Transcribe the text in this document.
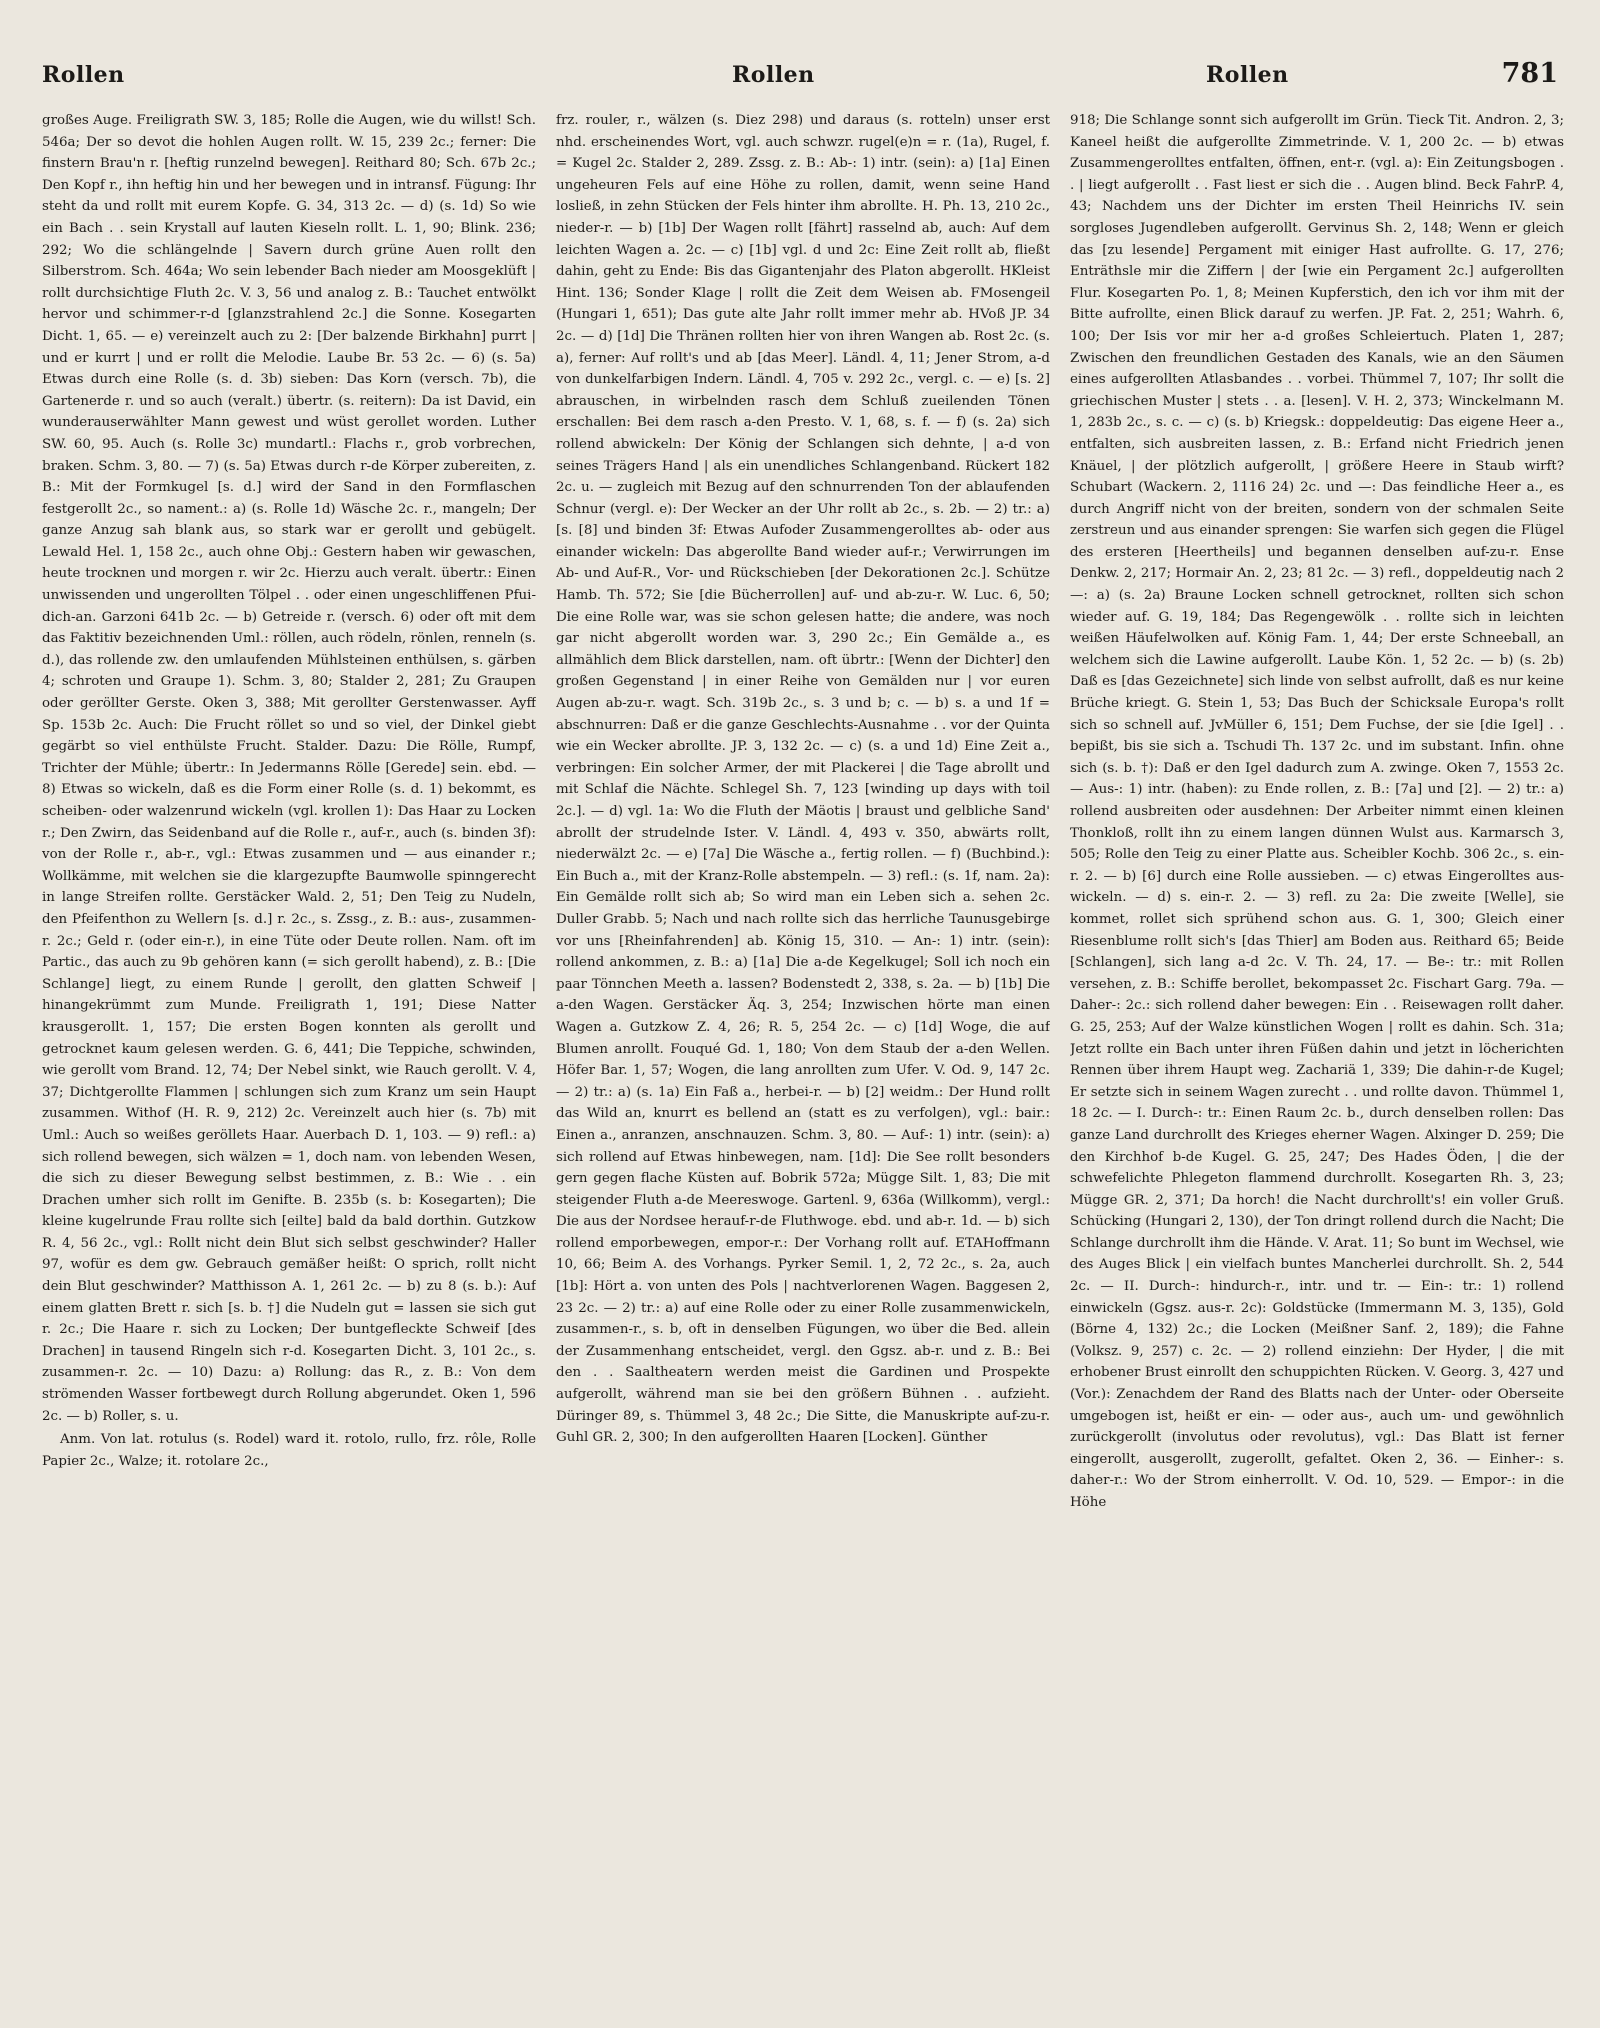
Rollen	Rollen	Rollen	781

großes Auge. Freiligrath SW. 3, 185; Rolle die Augen, wie du willst! Sch. 546a; Der so devot die hohlen Augen rollt. W. 15, 239 2c.; ferner: Die finstern Brau'n r. [heftig runzelnd bewegen]. Reithard 80; Sch. 67b 2c.; Den Kopf r., ihn heftig hin und her bewegen und in intransf. Fügung: Ihr steht da und rollt mit eurem Kopfe. G. 34, 313 2c. — d) (s. 1d) So wie ein Bach . . sein Krystall auf lauten Kieseln rollt. L. 1, 90; Blink. 236; 292; Wo die schlängelnde | Savern durch grüne Auen rollt den Silberstrom. Sch. 464a; Wo sein lebender Bach nieder am Moosgeklüft | rollt durchsichtige Fluth 2c. V. 3, 56 und analog z. B.: Tauchet entwölkt hervor und schimmer-r-d [glanzstrahlend 2c.] die Sonne. Kosegarten Dicht. 1, 65. — e) vereinzelt auch zu 2: [Der balzende Birkhahn] purrt | und er kurrt | und er rollt die Melodie. Laube Br. 53 2c. — 6) (s. 5a) Etwas durch eine Rolle (s. d. 3b) sieben: Das Korn (versch. 7b), die Gartenerde r. und so auch (veralt.) übertr. (s. reitern): Da ist David, ein wunderauserwählter Mann gewest und wüst gerollet worden. Luther SW. 60, 95. Auch (s. Rolle 3c) mundartl.: Flachs r., grob vorbrechen, braken. Schm. 3, 80. — 7) (s. 5a) Etwas durch r-de Körper zubereiten, z. B.: Mit der Formkugel [s. d.] wird der Sand in den Formflaschen festgerollt 2c., so nament.: a) (s. Rolle 1d) Wäsche 2c. r., mangeln; Der ganze Anzug sah blank aus, so stark war er gerollt und gebügelt. Lewald Hel. 1, 158 2c., auch ohne Obj.: Gestern haben wir gewaschen, heute trocknen und morgen r. wir 2c. Hierzu auch veralt. übertr.: Einen unwissenden und ungerollten Tölpel . . oder einen ungeschliffenen Pfui-dich-an. Garzoni 641b 2c. — b) Getreide r. (versch. 6) oder oft mit dem das Faktitiv bezeichnenden Uml.: röllen, auch rödeln, rönlen, renneln (s. d.), das rollende zw. den umlaufenden Mühlsteinen enthülsen, s. gärben 4; schroten und Graupe 1). Schm. 3, 80; Stalder 2, 281; Zu Graupen oder geröllter Gerste. Oken 3, 388; Mit gerollter Gerstenwasser. Ayff Sp. 153b 2c. Auch: Die Frucht röllet so und so viel, der Dinkel giebt gegärbt so viel enthülste Frucht. Stalder. Dazu: Die Rölle, Rumpf, Trichter der Mühle; übertr.: In Jedermanns Rölle [Gerede] sein. ebd. — 8) Etwas so wickeln, daß es die Form einer Rolle (s. d. 1) bekommt, es scheiben- oder walzenrund wickeln (vgl. krollen 1): Das Haar zu Locken r.; Den Zwirn, das Seidenband auf die Rolle r., auf-r., auch (s. binden 3f): von der Rolle r., ab-r., vgl.: Etwas zusammen und — aus einander r.; Wollkämme, mit welchen sie die klargezupfte Baumwolle spinngerecht in lange Streifen rollte. Gerstäcker Wald. 2, 51; Den Teig zu Nudeln, den Pfeifenthon zu Wellern [s. d.] r. 2c., s. Zssg., z. B.: aus-, zusammen-r. 2c.; Geld r. (oder ein-r.), in eine Tüte oder Deute rollen. Nam. oft im Partic., das auch zu 9b gehören kann (= sich gerollt habend), z. B.: [Die Schlange] liegt, zu einem Runde | gerollt, den glatten Schweif | hinangekrümmt zum Munde. Freiligrath 1, 191; Diese Natter krausgerollt. 1, 157; Die ersten Bogen konnten als gerollt und getrocknet kaum gelesen werden. G. 6, 441; Die Teppiche, schwinden, wie gerollt vom Brand. 12, 74; Der Nebel sinkt, wie Rauch gerollt. V. 4, 37; Dichtgerollte Flammen | schlungen sich zum Kranz um sein Haupt zusammen. Withof (H. R. 9, 212) 2c. Vereinzelt auch hier (s. 7b) mit Uml.: Auch so weißes geröllets Haar. Auerbach D. 1, 103. — 9) refl.: a) sich rollend bewegen, sich wälzen = 1, doch nam. von lebenden Wesen, die sich zu dieser Bewegung selbst bestimmen, z. B.: Wie . . ein Drachen umher sich rollt im Genifte. B. 235b (s. b: Kosegarten); Die kleine kugelrunde Frau rollte sich [eilte] bald da bald dorthin. Gutzkow R. 4, 56 2c., vgl.: Rollt nicht dein Blut sich selbst geschwinder? Haller 97, wofür es dem gw. Gebrauch gemäßer heißt: O sprich, rollt nicht dein Blut geschwinder? Matthisson A. 1, 261 2c. — b) zu 8 (s. b.): Auf einem glatten Brett r. sich [s. b. †] die Nudeln gut = lassen sie sich gut r. 2c.; Die Haare r. sich zu Locken; Der buntgefleckte Schweif [des Drachen] in tausend Ringeln sich r-d. Kosegarten Dicht. 3, 101 2c., s. zusammen-r. 2c. — 10) Dazu: a) Rollung: das R., z. B.: Von dem strömenden Wasser fortbewegt durch Rollung abgerundet. Oken 1, 596 2c. — b) Roller, s. u.

Anm. Von lat. rotulus (s. Rodel) ward it. rotolo, rullo, frz. rôle, Rolle Papier 2c., Walze; it. rotolare 2c.,

frz. rouler, r., wälzen (s. Diez 298) und daraus (s. rotteln) unser erst nhd. erscheinendes Wort, vgl. auch schwzr. rugel(e)n = r. (1a), Rugel, f. = Kugel 2c. Stalder 2, 289. Zssg. z. B.: Ab-: 1) intr. (sein): a) [1a] Einen ungeheuren Fels auf eine Höhe zu rollen, damit, wenn seine Hand losließ, in zehn Stücken der Fels hinter ihm abrollte. H. Ph. 13, 210 2c., nieder-r. — b) [1b] Der Wagen rollt [fährt] rasselnd ab, auch: Auf dem leichten Wagen a. 2c. — c) [1b] vgl. d und 2c: Eine Zeit rollt ab, fließt dahin, geht zu Ende: Bis das Gigantenjahr des Platon abgerollt. HKleist Hint. 136; Sonder Klage | rollt die Zeit dem Weisen ab. FMosengeil (Hungari 1, 651); Das gute alte Jahr rollt immer mehr ab. HVoß JP. 34 2c. — d) [1d] Die Thränen rollten hier von ihren Wangen ab. Rost 2c. (s. a), ferner: Auf rollt's und ab [das Meer]. Ländl. 4, 11; Jener Strom, a-d von dunkelfarbigen Indern. Ländl. 4, 705 v. 292 2c., vergl. c. — e) [s. 2] abrauschen, in wirbelnden rasch dem Schluß zueilenden Tönen erschallen: Bei dem rasch a-den Presto. V. 1, 68, s. f. — f) (s. 2a) sich rollend abwickeln: Der König der Schlangen sich dehnte, | a-d von seines Trägers Hand | als ein unendliches Schlangenband. Rückert 182 2c. u. — zugleich mit Bezug auf den schnurrenden Ton der ablaufenden Schnur (vergl. e): Der Wecker an der Uhr rollt ab 2c., s. 2b. — 2) tr.: a) [s. [8] und binden 3f: Etwas Aufoder Zusammengerolltes ab- oder aus einander wickeln: Das abgerollte Band wieder auf-r.; Verwirrungen im Ab- und Auf-R., Vor- und Rückschieben [der Dekorationen 2c.]. Schütze Hamb. Th. 572; Sie [die Bücherrollen] auf- und ab-zu-r. W. Luc. 6, 50; Die eine Rolle war, was sie schon gelesen hatte; die andere, was noch gar nicht abgerollt worden war. 3, 290 2c.; Ein Gemälde a., es allmählich dem Blick darstellen, nam. oft übrtr.: [Wenn der Dichter] den großen Gegenstand | in einer Reihe von Gemälden nur | vor euren Augen ab-zu-r. wagt. Sch. 319b 2c., s. 3 und b; c. — b) s. a und 1f = abschnurren: Daß er die ganze Geschlechts-Ausnahme . . vor der Quinta wie ein Wecker abrollte. JP. 3, 132 2c. — c) (s. a und 1d) Eine Zeit a., verbringen: Ein solcher Armer, der mit Plackerei | die Tage abrollt und mit Schlaf die Nächte. Schlegel Sh. 7, 123 [winding up days with toil 2c.]. — d) vgl. 1a: Wo die Fluth der Mäotis | braust und gelbliche Sand' abrollt der strudelnde Ister. V. Ländl. 4, 493 v. 350, abwärts rollt, niederwälzt 2c. — e) [7a] Die Wäsche a., fertig rollen. — f) (Buchbind.): Ein Buch a., mit der Kranz-Rolle abstempeln. — 3) refl.: (s. 1f, nam. 2a): Ein Gemälde rollt sich ab; So wird man ein Leben sich a. sehen 2c. Duller Grabb. 5; Nach und nach rollte sich das herrliche Taunusgebirge vor uns [Rheinfahrenden] ab. König 15, 310. — An-: 1) intr. (sein): rollend ankommen, z. B.: a) [1a] Die a-de Kegelkugel; Soll ich noch ein paar Tönnchen Meeth a. lassen? Bodenstedt 2, 338, s. 2a. — b) [1b] Die a-den Wagen. Gerstäcker Äq. 3, 254; Inzwischen hörte man einen Wagen a. Gutzkow Z. 4, 26; R. 5, 254 2c. — c) [1d] Woge, die auf Blumen anrollt. Fouqué Gd. 1, 180; Von dem Staub der a-den Wellen. Höfer Bar. 1, 57; Wogen, die lang anrollten zum Ufer. V. Od. 9, 147 2c. — 2) tr.: a) (s. 1a) Ein Faß a., herbei-r. — b) [2] weidm.: Der Hund rollt das Wild an, knurrt es bellend an (statt es zu verfolgen), vgl.: bair.: Einen a., anranzen, anschnauzen. Schm. 3, 80. — Auf-: 1) intr. (sein): a) sich rollend auf Etwas hinbewegen, nam. [1d]: Die See rollt besonders gern gegen flache Küsten auf. Bobrik 572a; Mügge Silt. 1, 83; Die mit steigender Fluth a-de Meereswoge. Gartenl. 9, 636a (Willkomm), vergl.: Die aus der Nordsee herauf-r-de Fluthwoge. ebd. und ab-r. 1d. — b) sich rollend emporbewegen, empor-r.: Der Vorhang rollt auf. ETAHoffmann 10, 66; Beim A. des Vorhangs. Pyrker Semil. 1, 2, 72 2c., s. 2a, auch [1b]: Hört a. von unten des Pols | nachtverlorenen Wagen. Baggesen 2, 23 2c. — 2) tr.: a) auf eine Rolle oder zu einer Rolle zusammenwickeln, zusammen-r., s. b, oft in denselben Fügungen, wo über die Bed. allein der Zusammenhang entscheidet, vergl. den Ggsz. ab-r. und z. B.: Bei den . . Saaltheatern werden meist die Gardinen und Prospekte aufgerollt, während man sie bei den größern Bühnen . . aufzieht. Düringer 89, s. Thümmel 3, 48 2c.; Die Sitte, die Manuskripte auf-zu-r. Guhl GR. 2, 300; In den aufgerollten Haaren [Locken]. Günther

918; Die Schlange sonnt sich aufgerollt im Grün. Tieck Tit. Andron. 2, 3; Kaneel heißt die aufgerollte Zimmetrinde. V. 1, 200 2c. — b) etwas Zusammengerolltes entfalten, öffnen, ent-r. (vgl. a): Ein Zeitungsbogen . . | liegt aufgerollt . . Fast liest er sich die . . Augen blind. Beck FahrP. 4, 43; Nachdem uns der Dichter im ersten Theil Heinrichs IV. sein sorgloses Jugendleben aufgerollt. Gervinus Sh. 2, 148; Wenn er gleich das [zu lesende] Pergament mit einiger Hast aufrollte. G. 17, 276; Enträthsle mir die Ziffern | der [wie ein Pergament 2c.] aufgerollten Flur. Kosegarten Po. 1, 8; Meinen Kupferstich, den ich vor ihm mit der Bitte aufrollte, einen Blick darauf zu werfen. JP. Fat. 2, 251; Wahrh. 6, 100; Der Isis vor mir her a-d großes Schleiertuch. Platen 1, 287; Zwischen den freundlichen Gestaden des Kanals, wie an den Säumen eines aufgerollten Atlasbandes . . vorbei. Thümmel 7, 107; Ihr sollt die griechischen Muster | stets . . a. [lesen]. V. H. 2, 373; Winckelmann M. 1, 283b 2c., s. c. — c) (s. b) Kriegsk.: doppeldeutig: Das eigene Heer a., entfalten, sich ausbreiten lassen, z. B.: Erfand nicht Friedrich jenen Knäuel, | der plötzlich aufgerollt, | größere Heere in Staub wirft? Schubart (Wackern. 2, 1116 24) 2c. und —: Das feindliche Heer a., es durch Angriff nicht von der breiten, sondern von der schmalen Seite zerstreun und aus einander sprengen: Sie warfen sich gegen die Flügel des ersteren [Heertheils] und begannen denselben auf-zu-r. Ense Denkw. 2, 217; Hormair An. 2, 23; 81 2c. — 3) refl., doppeldeutig nach 2 —: a) (s. 2a) Braune Locken schnell getrocknet, rollten sich schon wieder auf. G. 19, 184; Das Regengewölk . . rollte sich in leichten weißen Häufelwolken auf. König Fam. 1, 44; Der erste Schneeball, an welchem sich die Lawine aufgerollt. Laube Kön. 1, 52 2c. — b) (s. 2b) Daß es [das Gezeichnete] sich linde von selbst aufrollt, daß es nur keine Brüche kriegt. G. Stein 1, 53; Das Buch der Schicksale Europa's rollt sich so schnell auf. JvMüller 6, 151; Dem Fuchse, der sie [die Igel] . . bepißt, bis sie sich a. Tschudi Th. 137 2c. und im substant. Infin. ohne sich (s. b. †): Daß er den Igel dadurch zum A. zwinge. Oken 7, 1553 2c. — Aus-: 1) intr. (haben): zu Ende rollen, z. B.: [7a] und [2]. — 2) tr.: a) rollend ausbreiten oder ausdehnen: Der Arbeiter nimmt einen kleinen Thonkloß, rollt ihn zu einem langen dünnen Wulst aus. Karmarsch 3, 505; Rolle den Teig zu einer Platte aus. Scheibler Kochb. 306 2c., s. ein-r. 2. — b) [6] durch eine Rolle aussieben. — c) etwas Eingerolltes aus-wickeln. — d) s. ein-r. 2. — 3) refl. zu 2a: Die zweite [Welle], sie kommet, rollet sich sprühend schon aus. G. 1, 300; Gleich einer Riesenblume rollt sich's [das Thier] am Boden aus. Reithard 65; Beide [Schlangen], sich lang a-d 2c. V. Th. 24, 17. — Be-: tr.: mit Rollen versehen, z. B.: Schiffe berollet, bekompasset 2c. Fischart Garg. 79a. — Daher-: 2c.: sich rollend daher bewegen: Ein . . Reisewagen rollt daher. G. 25, 253; Auf der Walze künstlichen Wogen | rollt es dahin. Sch. 31a; Jetzt rollte ein Bach unter ihren Füßen dahin und jetzt in löcherichten Rennen über ihrem Haupt weg. Zachariä 1, 339; Die dahin-r-de Kugel; Er setzte sich in seinem Wagen zurecht . . und rollte davon. Thümmel 1, 18 2c. — I. Durch-: tr.: Einen Raum 2c. b., durch denselben rollen: Das ganze Land durchrollt des Krieges eherner Wagen. Alxinger D. 259; Die den Kirchhof b-de Kugel. G. 25, 247; Des Hades Öden, | die der schwefelichte Phlegeton flammend durchrollt. Kosegarten Rh. 3, 23; Mügge GR. 2, 371; Da horch! die Nacht durchrollt's! ein voller Gruß. Schücking (Hungari 2, 130), der Ton dringt rollend durch die Nacht; Die Schlange durchrollt ihm die Hände. V. Arat. 11; So bunt im Wechsel, wie des Auges Blick | ein vielfach buntes Mancherlei durchrollt. Sh. 2, 544 2c. — II. Durch-: hindurch-r., intr. und tr. — Ein-: tr.: 1) rollend einwickeln (Ggsz. aus-r. 2c): Goldstücke (Immermann M. 3, 135), Gold (Börne 4, 132) 2c.; die Locken (Meißner Sanf. 2, 189); die Fahne (Volksz. 9, 257) c. 2c. — 2) rollend einziehn: Der Hyder, | die mit erhobener Brust einrollt den schuppichten Rücken. V. Georg. 3, 427 und (Vor.): Zenachdem der Rand des Blatts nach der Unter- oder Oberseite umgebogen ist, heißt er ein- — oder aus-, auch um- und gewöhnlich zurückgerollt (involutus oder revolutus), vgl.: Das Blatt ist ferner eingerollt, ausgerollt, zugerollt, gefaltet. Oken 2, 36. — Einher-: s. daher-r.: Wo der Strom einherrollt. V. Od. 10, 529. — Empor-: in die Höhe
